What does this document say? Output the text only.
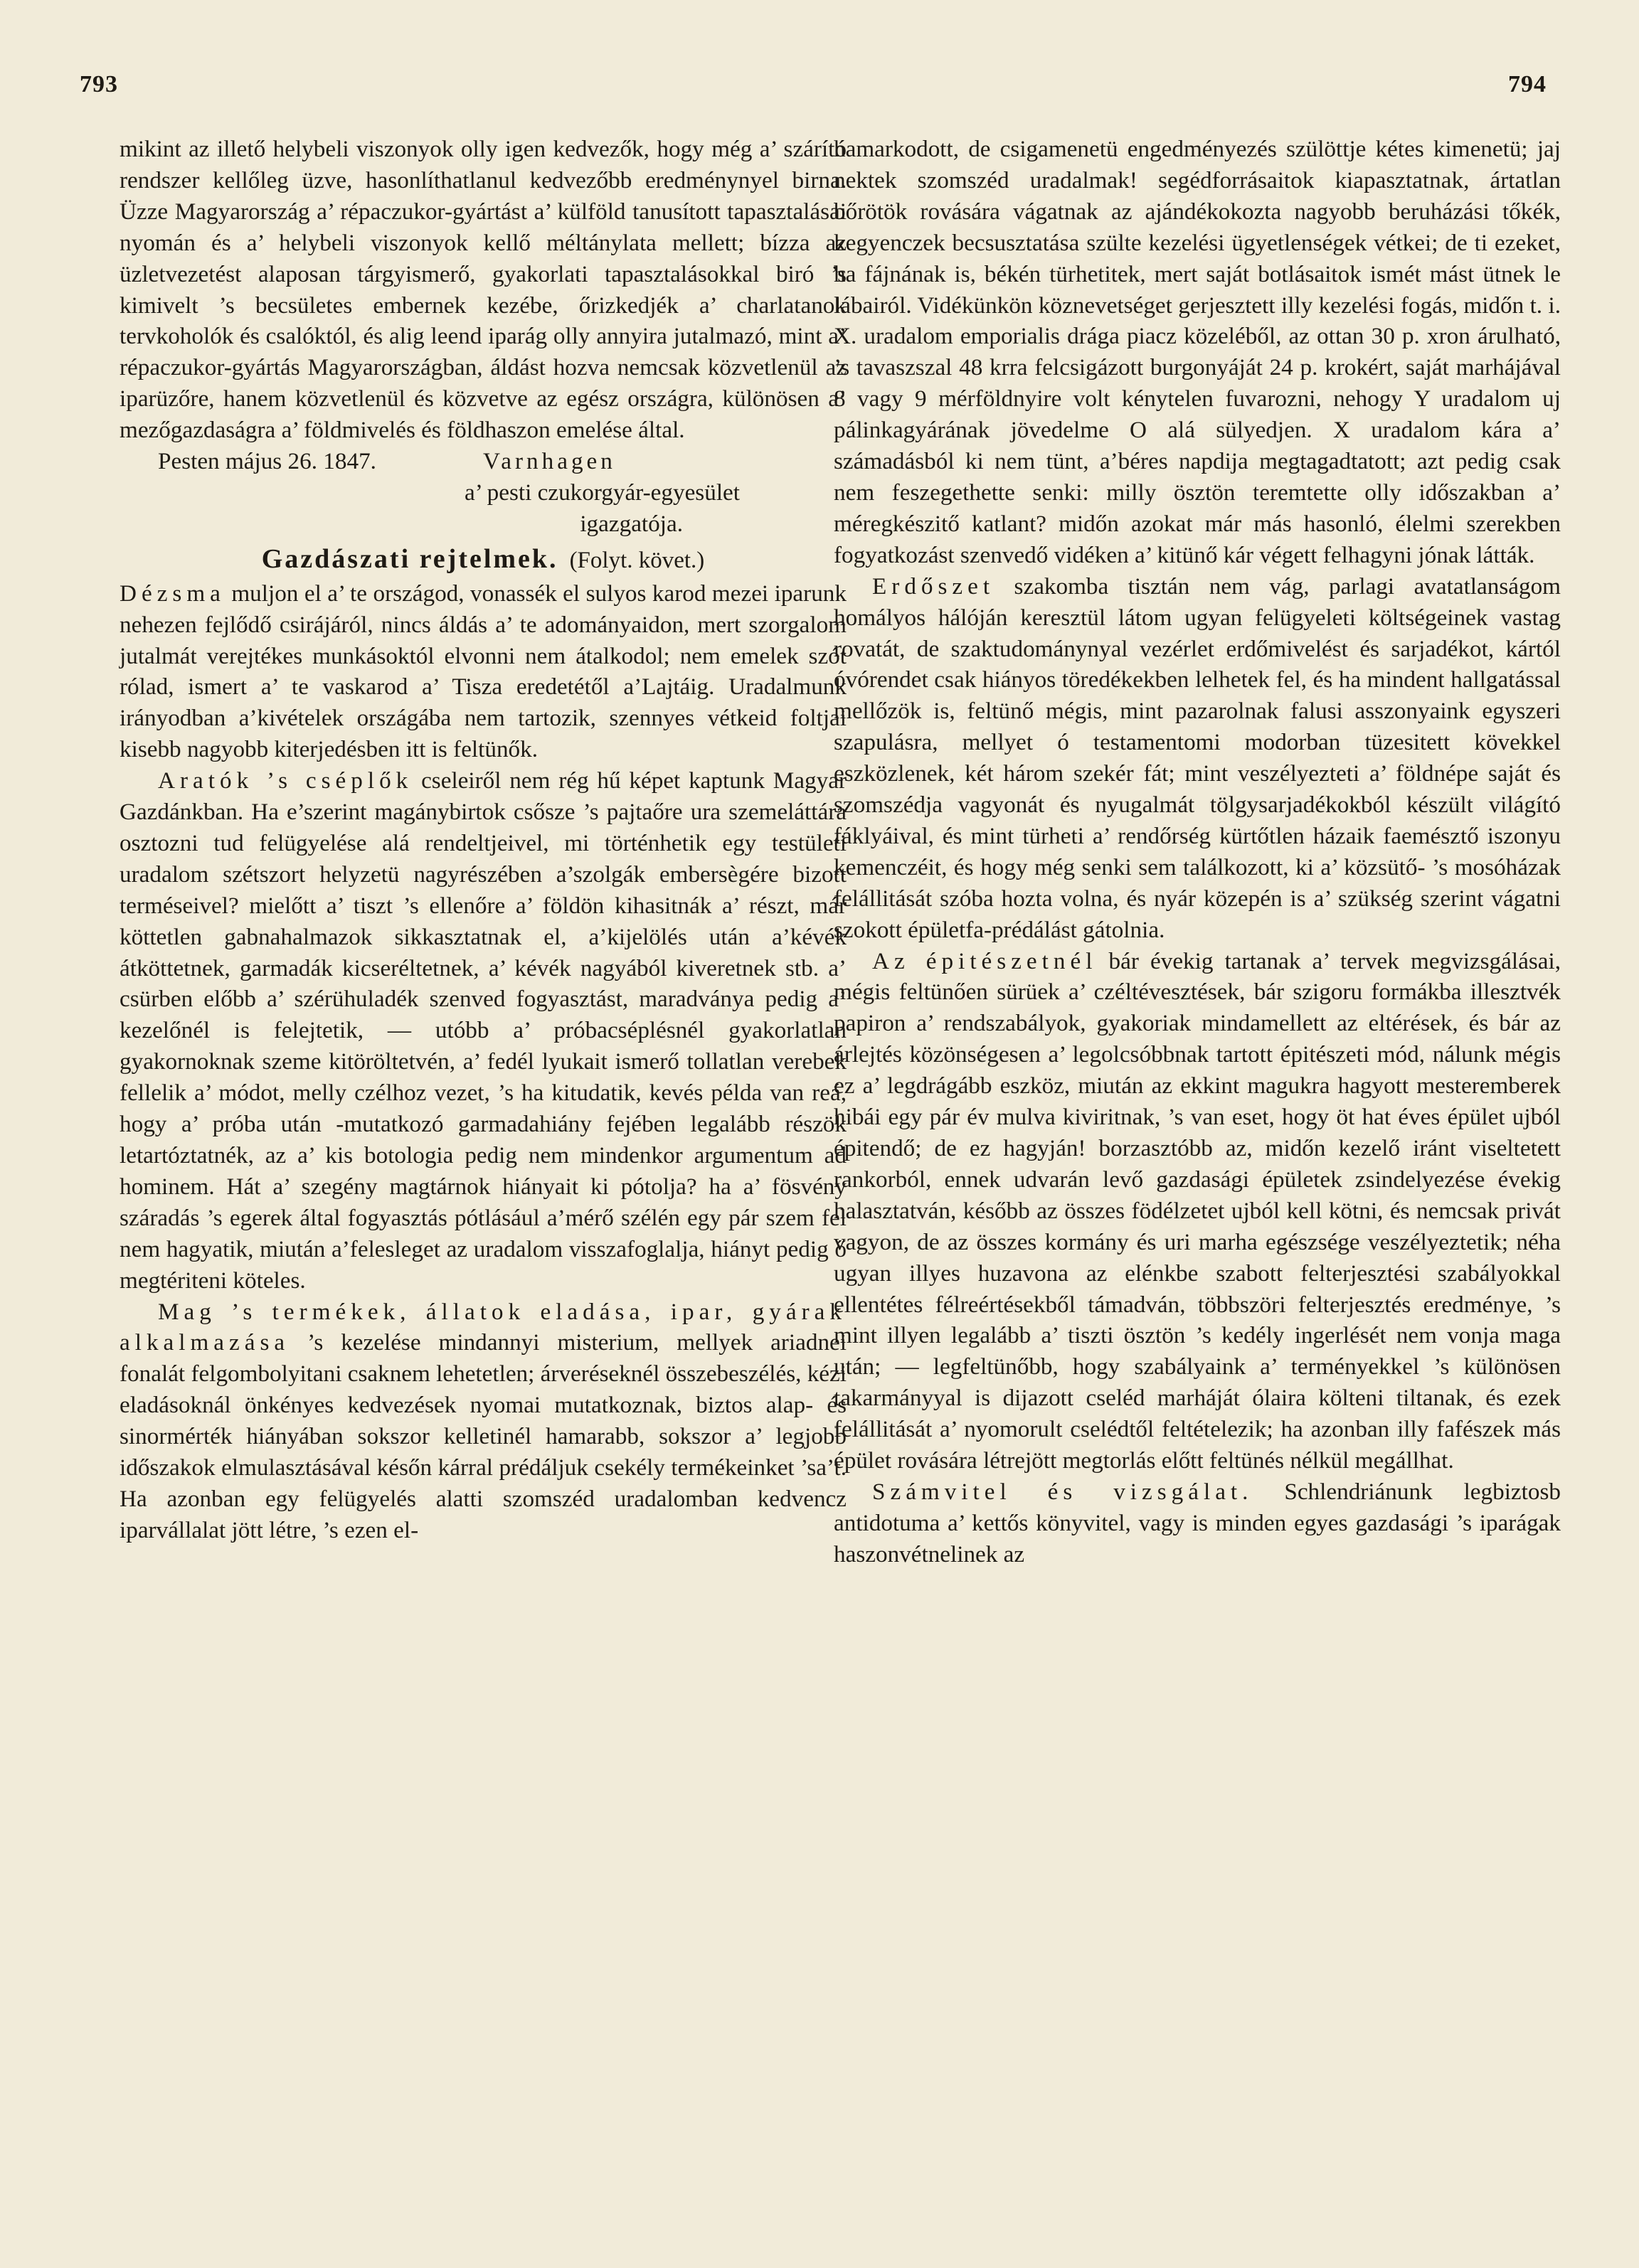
793	794

mikint az illető helybeli viszonyok olly igen kedvezők, hogy még a’ szárító rendszer kellőleg üzve, hasonlíthatlanul kedvezőbb eredménynyel birna. Üzze Magyarország a’ répaczukor-gyártást a’ külföld tanusított tapasztalásai nyomán és a’ helybeli viszonyok kellő méltánylata mellett; bízza az üzletvezetést alaposan tárgyismerő, gyakorlati tapasztalásokkal biró ’s kimivelt ’s becsületes embernek kezébe, őrizkedjék a’ charlatanok tervkoholók és csalóktól, és alig leend iparág olly annyira jutalmazó, mint a’ répaczukor-gyártás Magyarországban, áldást hozva nemcsak közvetlenül az iparüzőre, hanem közvetlenül és közvetve az egész országra, különösen a’ mezőgazdaságra a’ földmivelés és földhaszon emelése által.

Pesten május 26. 1847.	Varnhagen
a’ pesti czukorgyár-egyesület
igazgatója.
Gazdászati rejtelmek. (Folyt. követ.)

Dézsma muljon el a’ te országod, vonassék el sulyos karod mezei iparunk nehezen fejlődő csirájáról, nincs áldás a’ te adományaidon, mert szorgalom jutalmát verejtékes munkásoktól elvonni nem átalkodol; nem emelek szót rólad, ismert a’ te vaskarod a’ Tisza eredetétől a’Lajtáig. Uradalmunk irányodban a’kivételek országába nem tartozik, szennyes vétkeid foltjai kisebb nagyobb kiterjedésben itt is feltünők.

Aratók ’s cséplők cseleiről nem rég hű képet kaptunk Magyar Gazdánkban. Ha e’szerint magánybirtok csősze ’s pajtaőre ura szemeláttára osztozni tud felügyelése alá rendeltjeivel, mi történhetik egy testületi uradalom szétszort helyzetü nagyrészében a’szolgák embersègére bizott terméseivel? mielőtt a’ tiszt ’s ellenőre a’ földön kihasitnák a’ részt, már köttetlen gabnahalmazok sikkasztatnak el, a’kijelölés után a’kévék átköttetnek, garmadák kicseréltetnek, a’ kévék nagyából kiveretnek stb. a’ csürben előbb a’ szérühuladék szenved fogyasztást, maradványa pedig a’ kezelőnél is felejtetik, — utóbb a’ próbacséplésnél gyakorlatlan gyakornoknak szeme kitöröltetvén, a’ fedél lyukait ismerő tollatlan verebek fellelik a’ módot, melly czélhoz vezet, ’s ha kitudatik, kevés példa van reá, hogy a’ próba után -mutatkozó garmadahiány fejében legalább részök letartóztatnék, az a’ kis botologia pedig nem mindenkor argumentum ad hominem. Hát a’ szegény magtárnok hiányait ki pótolja? ha a’ fösvény száradás ’s egerek által fogyasztás pótlásául a’mérő szélén egy pár szem fel nem hagyatik, miután a’felesleget az uradalom visszafoglalja, hiányt pedig ő megtériteni köteles.

Mag ’s termékek, állatok eladása, ipar, gyárak alkalmazása ’s kezelése mindannyi misterium, mellyek ariadnei fonalát felgombolyitani csaknem lehetetlen; árveréseknél összebeszélés, kézi eladásoknál önkényes kedvezések nyomai mutatkoznak, biztos alap- és sinormérték hiányában sokszor kelletinél hamarabb, sokszor a’ legjobb időszakok elmulasztásával későn kárral prédáljuk csekély termékeinket ’sa’t. Ha azonban egy felügyelés alatti szomszéd uradalomban kedvencz iparvállalat jött létre, ’s ezen el-

hamarkodott, de csigamenetü engedményezés szülöttje kétes kimenetü; jaj nektek szomszéd uradalmak! segédforrásaitok kiapasztatnak, ártatlan bőrötök rovására vágatnak az ajándékokozta nagyobb beruházási tőkék, kegyenczek becsusztatása szülte kezelési ügyetlenségek vétkei; de ti ezeket, ha fájnának is, békén türhetitek, mert saját botlásaitok ismét mást ütnek le lábairól. Vidékünkön köznevetséget gerjesztett illy kezelési fogás, midőn t. i. X. uradalom emporialis drága piacz közeléből, az ottan 30 p. xron árulható, ’s tavaszszal 48 krra felcsigázott burgonyáját 24 p. krokért, saját marhájával 8 vagy 9 mérföldnyire volt kénytelen fuvarozni, nehogy Y uradalom uj pálinkagyárának jövedelme O alá sülyedjen. X uradalom kára a’ számadásból ki nem tünt, a’béres napdija megtagadtatott; azt pedig csak nem feszegethette senki: milly ösztön teremtette olly időszakban a’ méregkészitő katlant? midőn azokat már más hasonló, élelmi szerekben fogyatkozást szenvedő vidéken a’ kitünő kár végett felhagyni jónak látták.

Erdőszet szakomba tisztán nem vág, parlagi avatatlanságom homályos hálóján keresztül látom ugyan felügyeleti költségeinek vastag rovatát, de szaktudománynyal vezérlet erdőmivelést és sarjadékot, kártól óvórendet csak hiányos töredékekben lelhetek fel, és ha mindent hallgatással mellőzök is, feltünő mégis, mint pazarolnak falusi asszonyaink egyszeri szapulásra, mellyet ó testamentomi modorban tüzesitett kövekkel eszközlenek, két három szekér fát; mint veszélyezteti a’ földnépe saját és szomszédja vagyonát és nyugalmát tölgysarjadékokból készült világító fáklyáival, és mint türheti a’ rendőrség kürtőtlen házaik faemésztő iszonyu kemenczéit, és hogy még senki sem találkozott, ki a’ közsütő- ’s mosóházak felállitását szóba hozta volna, és nyár közepén is a’ szükség szerint vágatni szokott épületfa-prédálást gátolnia.

Az épitészetnél bár évekig tartanak a’ tervek megvizsgálásai, mégis feltünően sürüek a’ czéltévesztések, bár szigoru formákba illesztvék papiron a’ rendszabályok, gyakoriak mindamellett az eltérések, és bár az árlejtés közönségesen a’ legolcsóbbnak tartott épitészeti mód, nálunk mégis ez a’ legdrágább eszköz, miután az ekkint magukra hagyott mesteremberek hibái egy pár év mulva kiviritnak, ’s van eset, hogy öt hat éves épület ujból épitendő; de ez hagyján! borzasztóbb az, midőn kezelő iránt viseltetett rankorból, ennek udvarán levő gazdasági épületek zsindelyezése évekig halasztatván, később az összes födélzetet ujból kell kötni, és nemcsak privát vagyon, de az összes kormány és uri marha egészsége veszélyeztetik; néha ugyan illyes huzavona az elénkbe szabott felterjesztési szabályokkal ellentétes félreértésekből támadván, többszöri felterjesztés eredménye, ’s mint illyen legalább a’ tiszti ösztön ’s kedély ingerlését nem vonja maga után; — legfeltünőbb, hogy szabályaink a’ terményekkel ’s különösen takarmányyal is dijazott cseléd marháját ólaira költeni tiltanak, és ezek felállitását a’ nyomorult cselédtől feltételezik; ha azonban illy fafészek más épület rovására létrejött megtorlás előtt feltünés nélkül megállhat.

Számvitel és vizsgálat. Schlendriánunk legbiztosb antidotuma a’ kettős könyvitel, vagy is minden egyes gazdasági ’s iparágak haszonvétnelinek az
